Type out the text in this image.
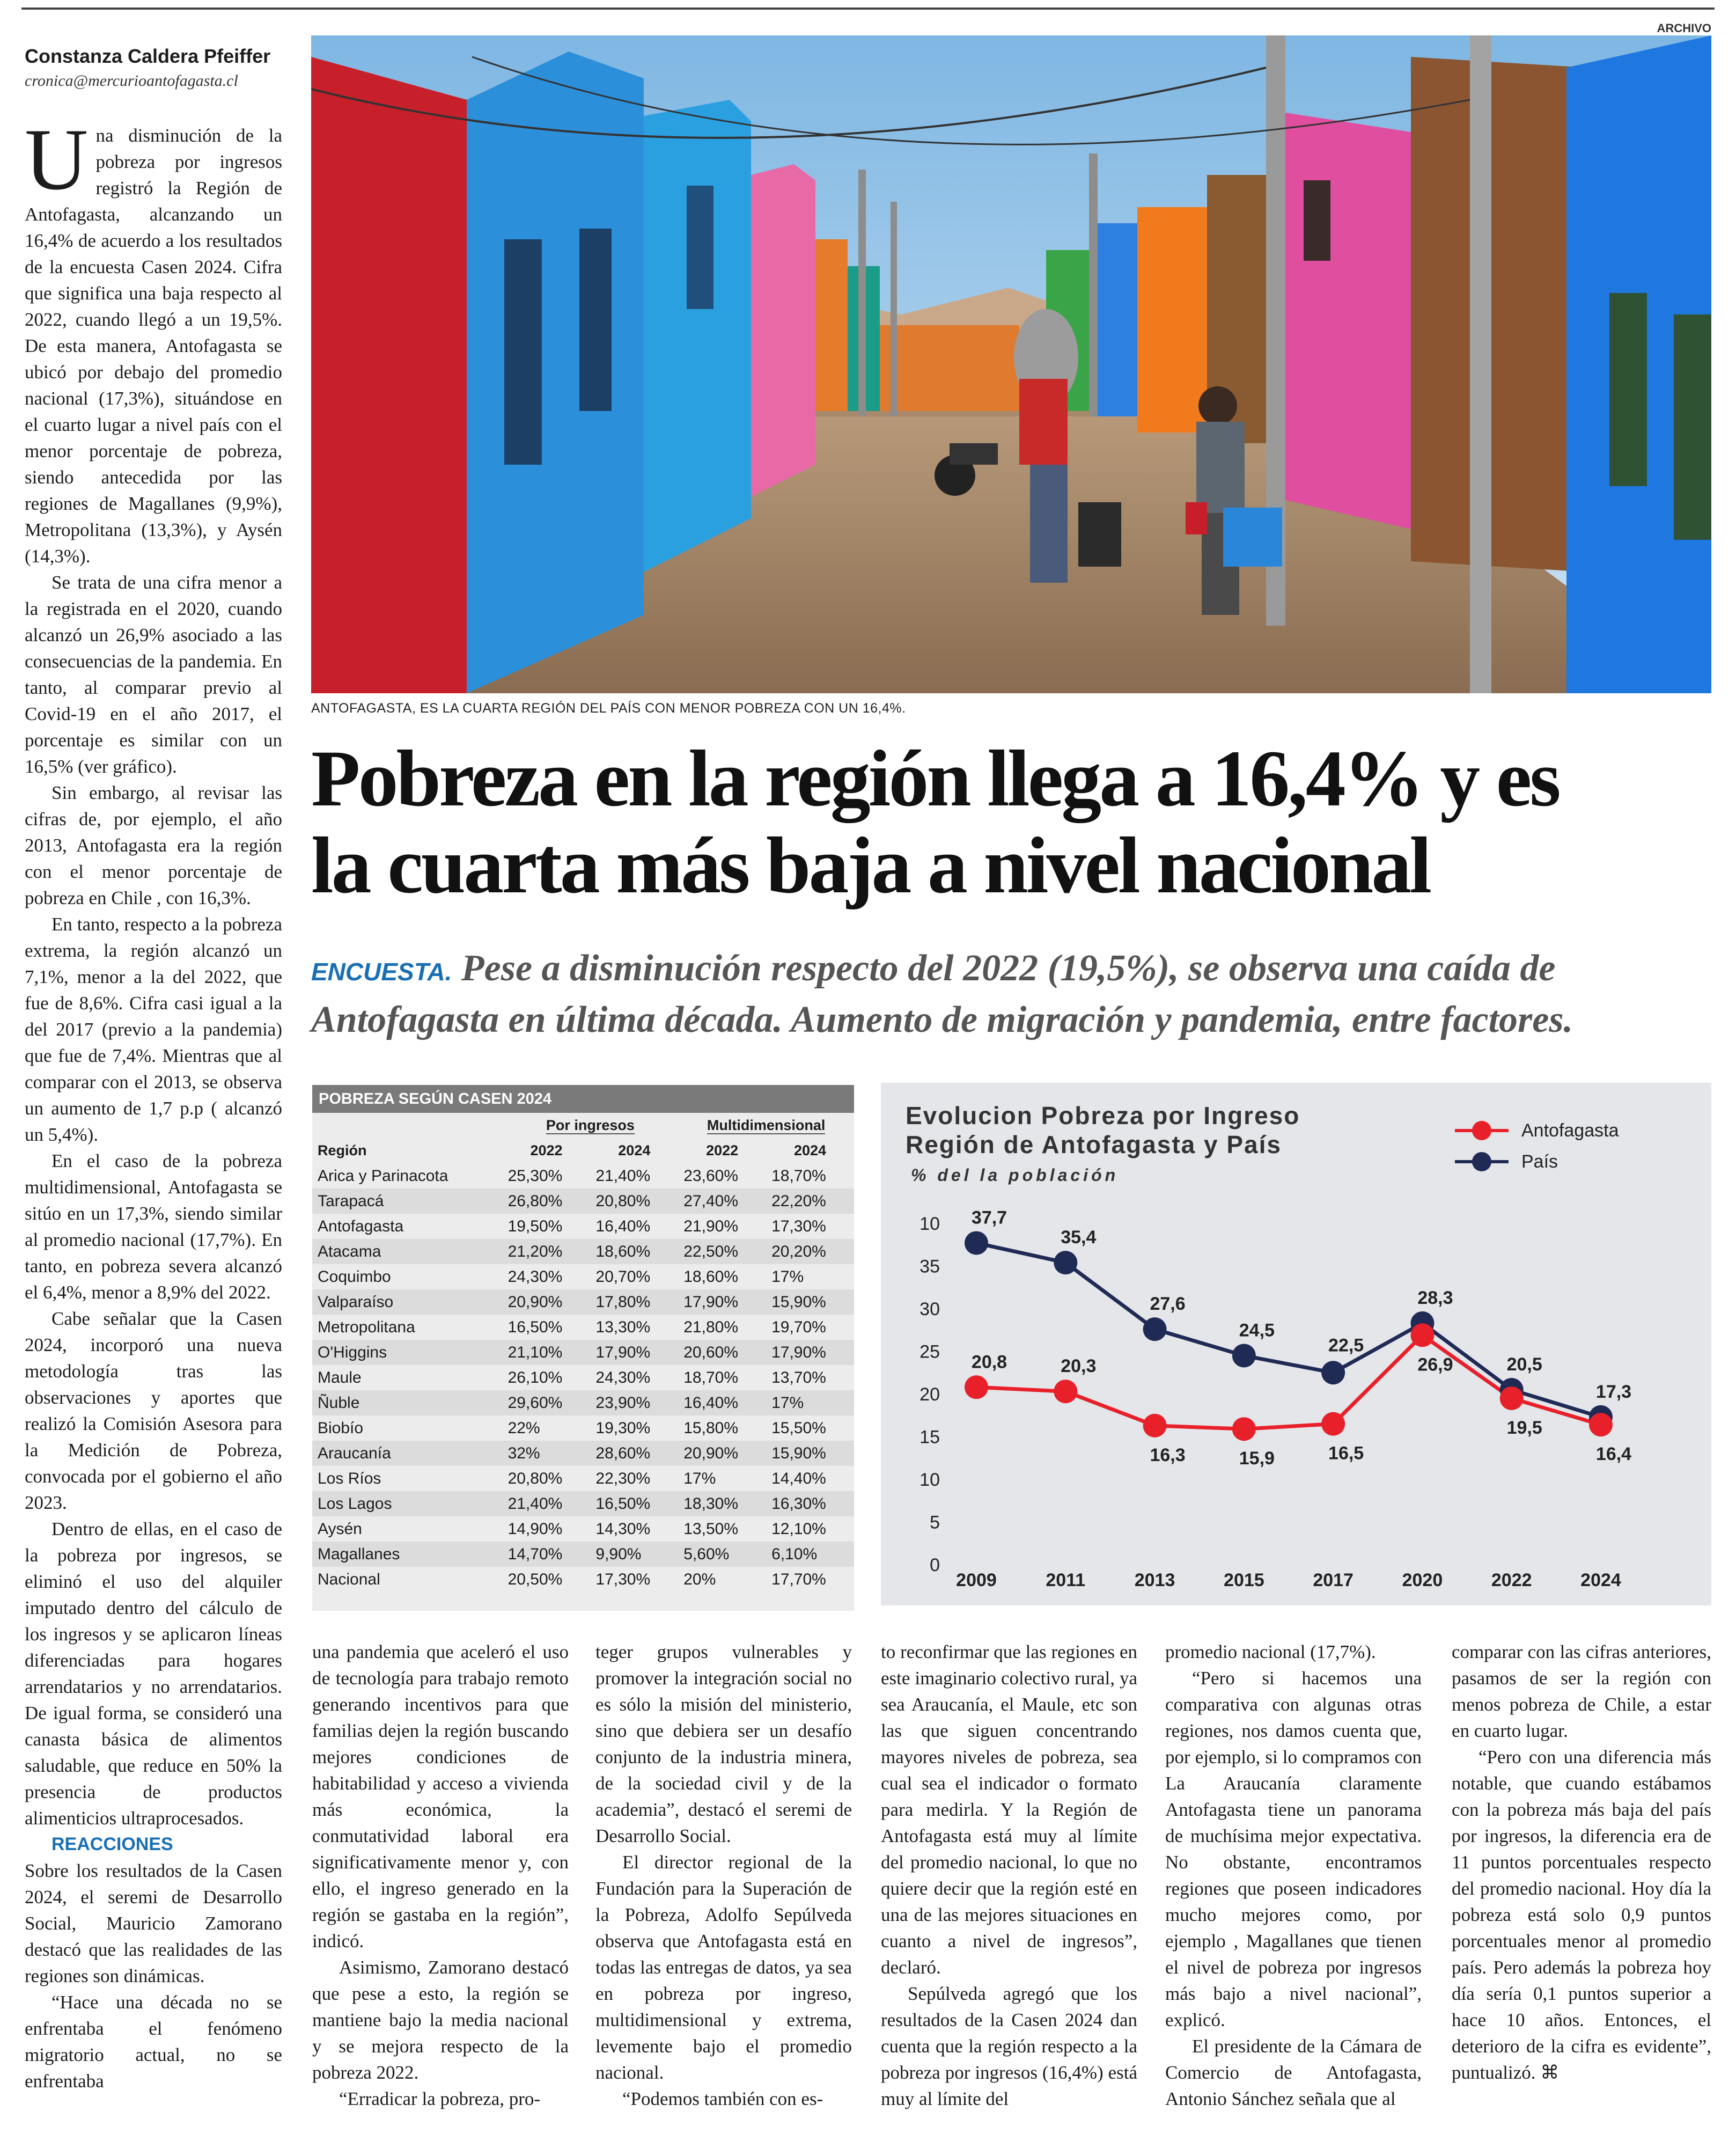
Constanza Caldera Pfeiffer
cronica@mercurioantofagasta.cl

Una disminución de la pobreza por ingresos registró la Región de Antofagasta, alcanzando un 16,4% de acuerdo a los resultados de la encuesta Casen 2024. Cifra que significa una baja respecto al 2022, cuando llegó a un 19,5%. De esta manera, Antofagasta se ubicó por debajo del promedio nacional (17,3%), situándose en el cuarto lugar a nivel país con el menor porcentaje de pobreza, siendo antecedida por las regiones de Magallanes (9,9%), Metropolitana (13,3%), y Aysén (14,3%).

Se trata de una cifra menor a la registrada en el 2020, cuando alcanzó un 26,9% asociado a las consecuencias de la pandemia. En tanto, al comparar previo al Covid-19 en el año 2017, el porcentaje es similar con un 16,5% (ver gráfico).

Sin embargo, al revisar las cifras de, por ejemplo, el año 2013, Antofagasta era la región con el menor porcentaje de pobreza en Chile , con 16,3%.

En tanto, respecto a la pobreza extrema, la región alcanzó un 7,1%, menor a la del 2022, que fue de 8,6%. Cifra casi igual a la del 2017 (previo a la pandemia) que fue de 7,4%. Mientras que al comparar con el 2013, se observa un aumento de 1,7 p.p ( alcanzó un 5,4%).

En el caso de la pobreza multidimensional, Antofagasta se sitúo en un 17,3%, siendo similar al promedio nacional (17,7%). En tanto, en pobreza severa alcanzó el 6,4%, menor a 8,9% del 2022.

Cabe señalar que la Casen 2024, incorporó una nueva metodología tras las observaciones y aportes que realizó la Comisión Asesora para la Medición de Pobreza, convocada por el gobierno el año 2023.

Dentro de ellas, en el caso de la pobreza por ingresos, se eliminó el uso del alquiler imputado dentro del cálculo de los ingresos y se aplicaron líneas diferenciadas para hogares arrendatarios y no arrendatarios. De igual forma, se consideró una canasta básica de alimentos saludable, que reduce en 50% la presencia de productos alimenticios ultraprocesados.

REACCIONES

Sobre los resultados de la Casen 2024, el seremi de Desarrollo Social, Mauricio Zamorano destacó que las realidades de las regiones son dinámicas.

“Hace una década no se enfrentaba el fenómeno migratorio actual, no se enfrentaba

ARCHIVO
ANTOFAGASTA, ES LA CUARTA REGIÓN DEL PAÍS CON MENOR POBREZA CON UN 16,4%.
Pobreza en la región llega a 16,4% y es
la cuarta más baja a nivel nacional
ENCUESTA. Pese a disminución respecto del 2022 (19,5%), se observa una caída de Antofagasta en última década. Aumento de migración y pandemia, entre factores.
POBREZA SEGÚN CASEN 2024
	Por ingresos		Multidimensional	
Región	2022	2024	2022	2024
Arica y Parinacota	25,30%	21,40%	23,60%	18,70%
Tarapacá	26,80%	20,80%	27,40%	22,20%
Antofagasta	19,50%	16,40%	21,90%	17,30%
Atacama	21,20%	18,60%	22,50%	20,20%
Coquimbo	24,30%	20,70%	18,60%	17%
Valparaíso	20,90%	17,80%	17,90%	15,90%
Metropolitana	16,50%	13,30%	21,80%	19,70%
O'Higgins	21,10%	17,90%	20,60%	17,90%
Maule	26,10%	24,30%	18,70%	13,70%
Ñuble	29,60%	23,90%	16,40%	17%
Biobío	22%	19,30%	15,80%	15,50%
Araucanía	32%	28,60%	20,90%	15,90%
Los Ríos	20,80%	22,30%	17%	14,40%
Los Lagos	21,40%	16,50%	18,30%	16,30%
Aysén	14,90%	14,30%	13,50%	12,10%
Magallanes	14,70%	9,90%	5,60%	6,10%
Nacional	20,50%	17,30%	20%	17,70%
Evolucion Pobreza por Ingreso
Región de Antofagasta y País
% del la población
Antofagasta
País
0
5
10
15
20
25
30
35
10
2009	2011	2013	2015	2017	2020	2022	2024
20,8	20,3
16,3	15,9	16,5
26,9
19,5
16,4
37,7
35,4
27,6
24,5
22,5
28,3
20,5
17,3

una pandemia que aceleró el uso de tecnología para trabajo remoto generando incentivos para que familias dejen la región buscando mejores condiciones de habitabilidad y acceso a vivienda más económica, la conmutatividad laboral era significativamente menor y, con ello, el ingreso generado en la región se gastaba en la región”, indicó.

Asimismo, Zamorano destacó que pese a esto, la región se mantiene bajo la media nacional y se mejora respecto de la pobreza 2022.

“Erradicar la pobreza, pro-

teger grupos vulnerables y promover la integración social no es sólo la misión del ministerio, sino que debiera ser un desafío conjunto de la industria minera, de la sociedad civil y de la academia”, destacó el seremi de Desarrollo Social.

El director regional de la Fundación para la Superación de la Pobreza, Adolfo Sepúlveda observa que Antofagasta está en todas las entregas de datos, ya sea en pobreza por ingreso, multidimensional y extrema, levemente bajo el promedio nacional.

“Podemos también con es-

to reconfirmar que las regiones en este imaginario colectivo rural, ya sea Araucanía, el Maule, etc son las que siguen concentrando mayores niveles de pobreza, sea cual sea el indicador o formato para medirla. Y la Región de Antofagasta está muy al límite del promedio nacional, lo que no quiere decir que la región esté en una de las mejores situaciones en cuanto a nivel de ingresos”, declaró.

Sepúlveda agregó que los resultados de la Casen 2024 dan cuenta que la región respecto a la pobreza por ingresos (16,4%) está muy al límite del

promedio nacional (17,7%).

“Pero si hacemos una comparativa con algunas otras regiones, nos damos cuenta que, por ejemplo, si lo compramos con La Araucanía claramente Antofagasta tiene un panorama de muchísima mejor expectativa. No obstante, encontramos regiones que poseen indicadores mucho mejores como, por ejemplo , Magallanes que tienen el nivel de pobreza por ingresos más bajo a nivel nacional”, explicó.

El presidente de la Cámara de Comercio de Antofagasta, Antonio Sánchez señala que al

comparar con las cifras anteriores, pasamos de ser la región con menos pobreza de Chile, a estar en cuarto lugar.

“Pero con una diferencia más notable, que cuando estábamos con la pobreza más baja del país por ingresos, la diferencia era de 11 puntos porcentuales respecto del promedio nacional. Hoy día la pobreza está solo 0,9 puntos porcentuales menor al promedio país. Pero además la pobreza hoy día sería 0,1 puntos superior a hace 10 años. Entonces, el deterioro de la cifra es evidente”, puntualizó. ⌘
